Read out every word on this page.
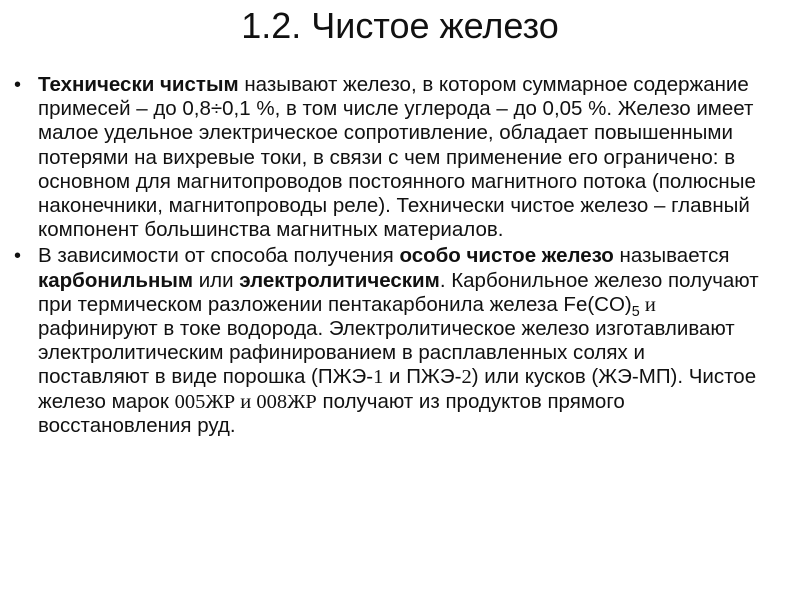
1.2. Чистое железо
• Технически чистым называют железо, в котором суммарное содержание примесей – до 0,8÷0,1 %, в том числе углерода – до 0,05 %. Железо имеет малое удельное электрическое сопротивление, обладает повышенными потерями на вихревые токи, в связи с чем применение его ограничено: в основном для магнитопроводов постоянного магнитного потока (полюсные наконечники, магнитопроводы реле). Технически чистое железо – главный компонент большинства магнитных материалов.
• В зависимости от способа получения особо чистое железо называется карбонильным или электролитическим. Карбонильное железо получают при термическом разложении пентакарбонила железа $Fe(CO)_5$ и рафинируют в токе водорода. Электролитическое железо изготавливают электролитическим рафинированием в расплавленных солях и поставляют в виде порошка (ПЖЭ-1 и ПЖЭ-2) или кусков (ЖЭ-МП). Чистое железо марок 005ЖР и 008ЖР получают из продуктов прямого восстановления руд.
